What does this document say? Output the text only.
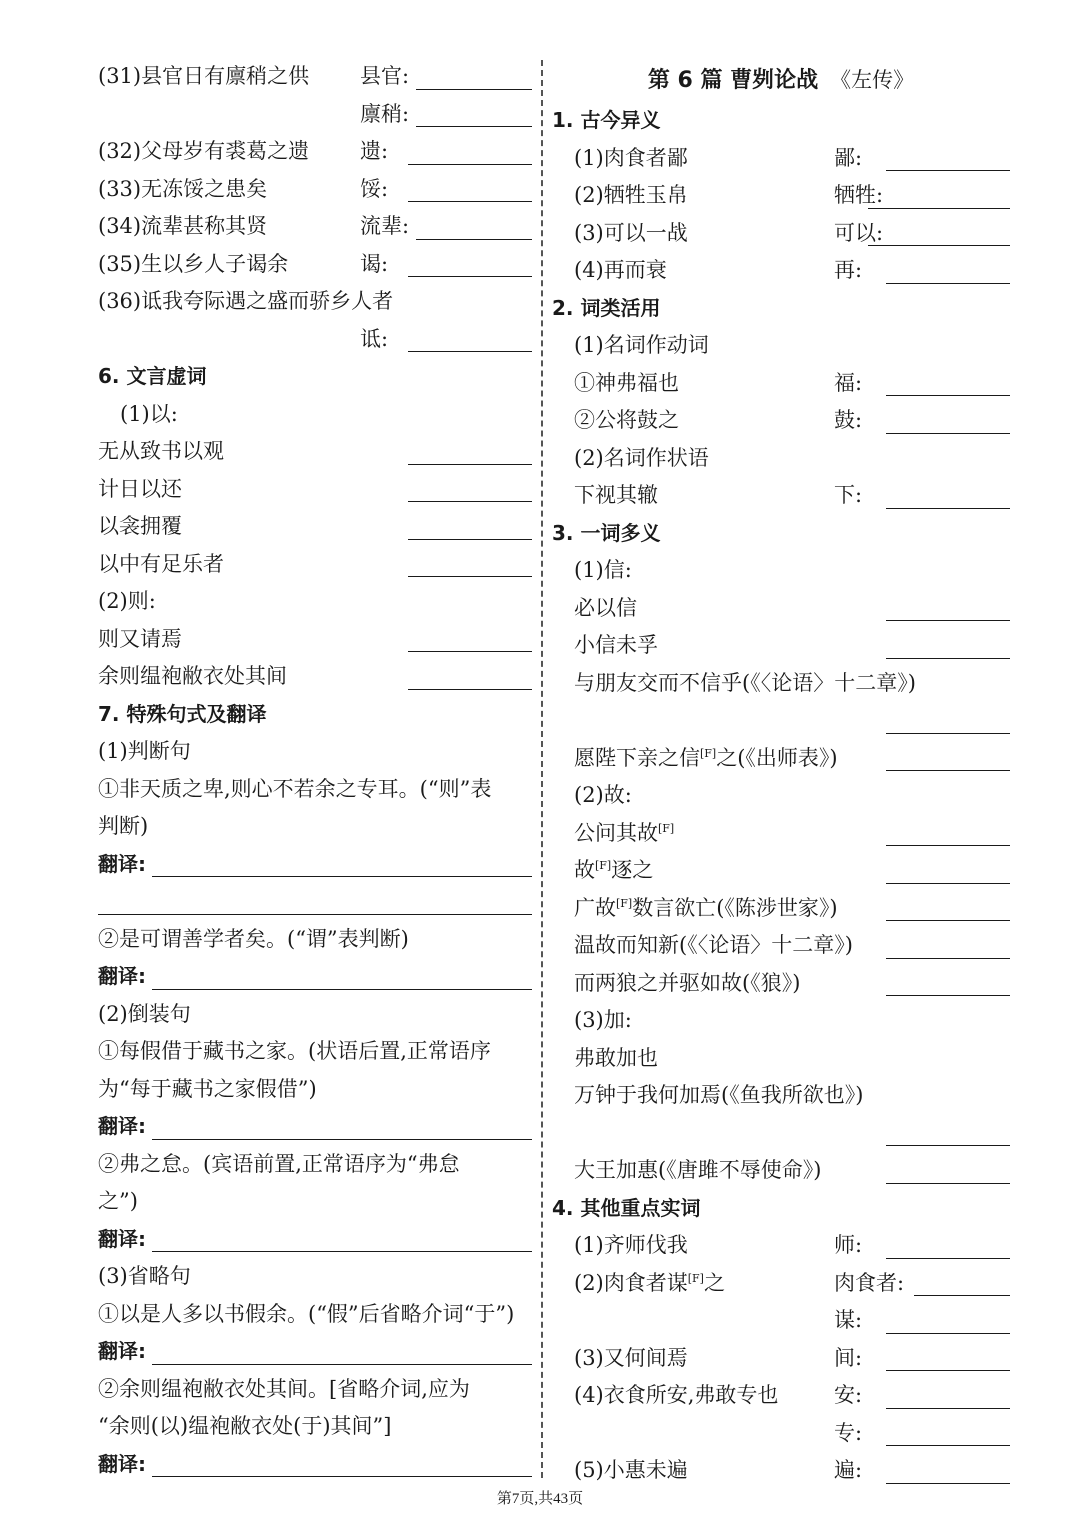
(31)县官日有廪稍之供 县官:
廪稍:
(32)父母岁有裘葛之遗 遗:
(33)无冻馁之患矣	馁:
(34)流辈甚称其贤	流辈:
(35)生以乡人子谒余	谒:
(36)诋我夸际遇之盛而骄乡人者
诋:
6. 文言虚词
(1)以:
无从致书以观
计日以还
以衾拥覆
以中有足乐者
(2)则:
则又请焉
余则缊袍敝衣处其间
7. 特殊句式及翻译
(1)判断句
①非天质之卑,则心不若余之专耳。(“则”表
判断)
翻译:
②是可谓善学者矣。(“谓”表判断)
翻译:
(2)倒装句
①每假借于藏书之家。(状语后置,正常语序
为“每于藏书之家假借”)
翻译:
②弗之怠。(宾语前置,正常语序为“弗怠
之”)
翻译:
(3)省略句
①以是人多以书假余。(“假”后省略介词“于”)
翻译:
②余则缊袍敝衣处其间。[省略介词,应为
“余则(以)缊袍敝衣处(于)其间”]
翻译:
第 6 篇 曹刿论战 《左传》
1. 古今异义
(1)肉食者鄙	鄙:
(2)牺牲玉帛	牺牲:
(3)可以一战	可以:
(4)再而衰	再:
2. 词类活用
(1)名词作动词
①神弗福也	福:
②公将鼓之	鼓:
(2)名词作状语
下视其辙	下:
3. 一词多义
(1)信:
必以信
小信未孚
与朋友交而不信乎(《〈论语〉十二章》)
愿陛下亲之信[F]之(《出师表》)
(2)故:
公问其故[F]
故[F]逐之
广故[F]数言欲亡(《陈涉世家》)
温故而知新(《〈论语〉十二章》)
而两狼之并驱如故(《狼》)
(3)加:
弗敢加也
万钟于我何加焉(《鱼我所欲也》)
大王加惠(《唐雎不辱使命》)
4. 其他重点实词
(1)齐师伐我	师:
(2)肉食者谋[F]之	肉食者:
谋:
(3)又何间焉	间:
(4)衣食所安,弗敢专也	安:
专:
(5)小惠未遍	遍:
第7页,共43页
